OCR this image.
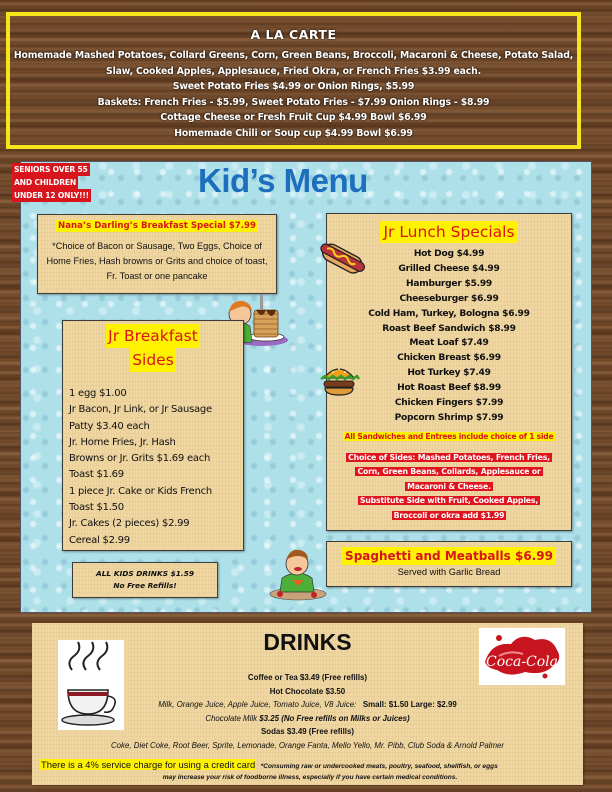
A LA CARTE
Homemade Mashed Potatoes, Collard Greens, Corn, Green Beans, Broccoli, Macaroni & Cheese, Potato Salad,
Slaw, Cooked Apples, Applesauce, Fried Okra, or French Fries $3.99 each.
Sweet Potato Fries $4.99 or Onion Rings, $5.99
Baskets: French Fries - $5.99, Sweet Potato Fries - $7.99 Onion Rings - $8.99
Cottage Cheese or Fresh Fruit Cup $4.99 Bowl $6.99
Homemade Chili or Soup cup $4.99 Bowl $6.99
SENIORS OVER 55
AND CHILDREN
UNDER 12 ONLY!!!	Kid’s Menu
Nana’s Darling’s Breakfast Special $7.99
*Choice of Bacon or Sausage, Two Eggs, Choice of Home Fries, Hash browns or Grits and choice of toast, Fr. Toast or one pancake
Jr Breakfast
Sides
1 egg $1.00
Jr Bacon, Jr Link, or Jr Sausage
Patty $3.40 each
Jr. Home Fries, Jr. Hash
Browns or Jr. Grits $1.69 each
Toast $1.69
1 piece Jr. Cake or Kids French
Toast $1.50
Jr. Cakes (2 pieces) $2.99
Cereal $2.99
ALL KIDS DRINKS $1.59
No Free Refills!
Jr Lunch Specials
Hot Dog $4.99
Grilled Cheese $4.99
Hamburger $5.99
Cheeseburger $6.99
Cold Ham, Turkey, Bologna $6.99
Roast Beef Sandwich $8.99
Meat Loaf $7.49
Chicken Breast $6.99
Hot Turkey $7.49
Hot Roast Beef $8.99
Chicken Fingers $7.99
Popcorn Shrimp $7.99
All Sandwiches and Entrees include choice of 1 side
Choice of Sides: Mashed Potatoes, French Fries,
Corn, Green Beans, Collards, Applesauce or
Macaroni & Cheese.
Substitute Side with Fruit, Cooked Apples,
Broccoli or okra add $1.99
Spaghetti and Meatballs $6.99
Served with Garlic Bread
DRINKS
Coffee or Tea $3.49 (Free refills)
Hot Chocolate $3.50
Milk, Orange Juice, Apple Juice, Tomato Juice, V8 Juice: Small: $1.50 Large: $2.99
Chocolate Milk $3.25 (No Free refills on Milks or Juices)
Sodas $3.49 (Free refills)
Coke, Diet Coke, Root Beer, Sprite, Lemonade, Orange Fanta, Mello Yello, Mr. Pibb, Club Soda & Arnold Palmer
There is a 4% service charge for using a credit card *Consuming raw or undercooked meats, poultry, seafood, shellfish, or eggs
may increase your risk of foodborne illness, especially if you have certain medical conditions.
Coca-Cola
